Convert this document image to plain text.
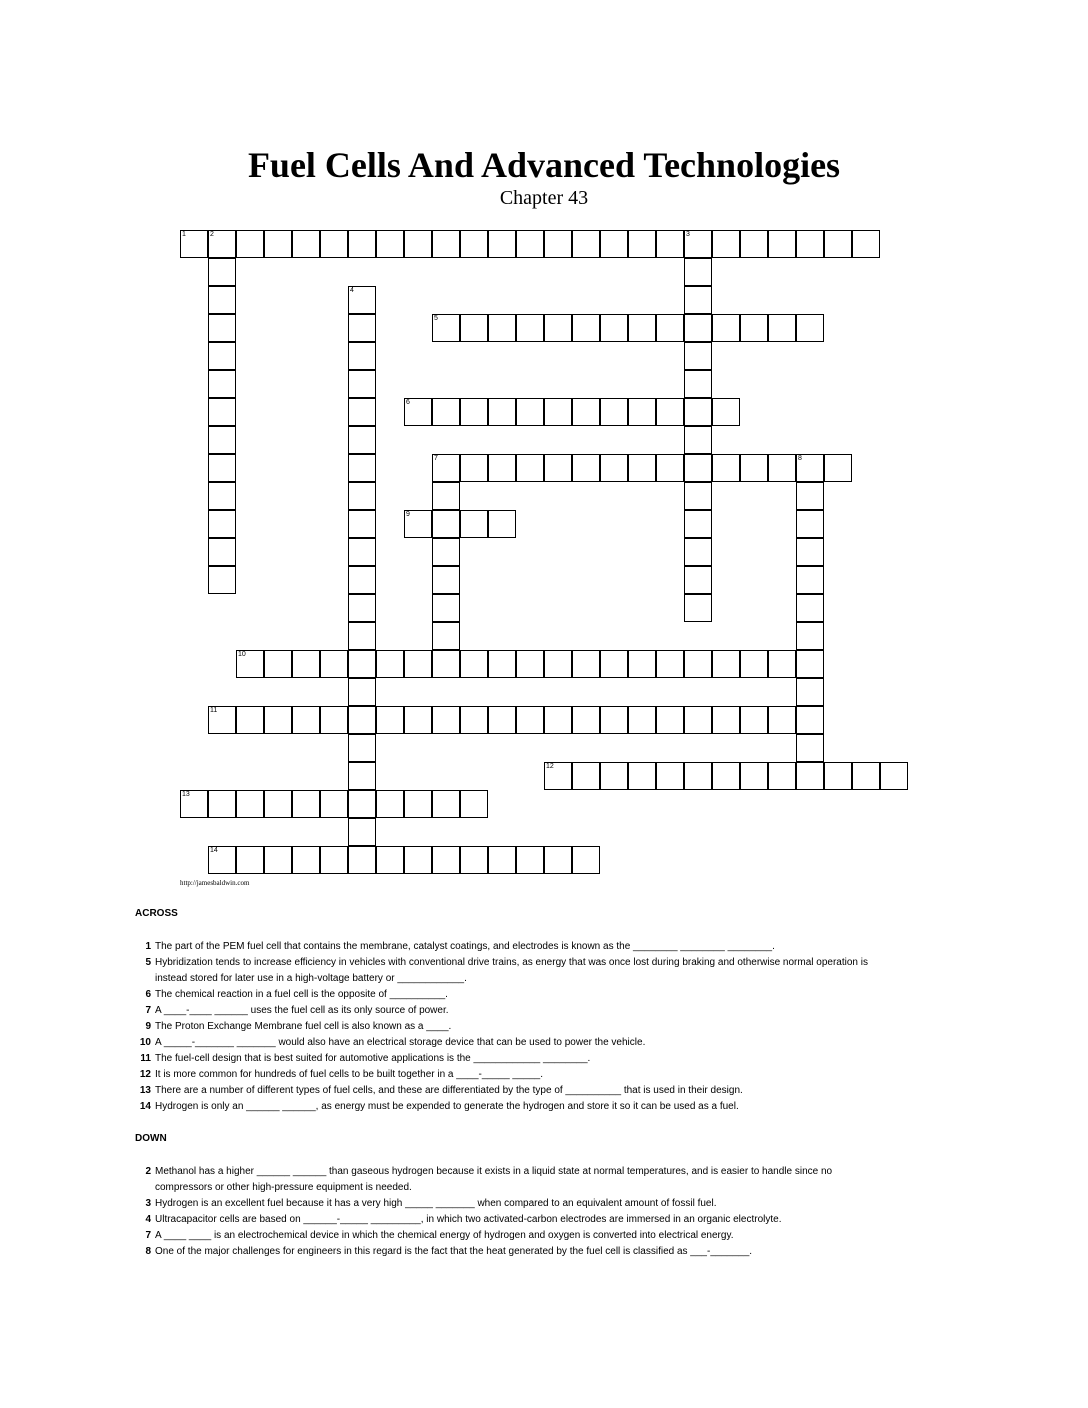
Fuel Cells And Advanced Technologies
Chapter 43
1	2	3
4
5
6
7	8
9
10
11
12
13
14
http://jamesbaldwin.com
ACROSS
1 The part of the PEM fuel cell that contains the membrane, catalyst coatings, and electrodes is known as the ________ ________ ________.
5 Hybridization tends to increase efficiency in vehicles with conventional drive trains, as energy that was once lost during braking and otherwise normal operation is instead stored for later use in a high-voltage battery or ____________.
6 The chemical reaction in a fuel cell is the opposite of __________.
7 A ____-____ ______ uses the fuel cell as its only source of power.
9 The Proton Exchange Membrane fuel cell is also known as a ____.
10 A _____-_______ _______ would also have an electrical storage device that can be used to power the vehicle.
11 The fuel-cell design that is best suited for automotive applications is the ____________ ________.
12 It is more common for hundreds of fuel cells to be built together in a ____-_____ _____.
13 There are a number of different types of fuel cells, and these are differentiated by the type of __________ that is used in their design.
14 Hydrogen is only an ______ ______, as energy must be expended to generate the hydrogen and store it so it can be used as a fuel.
DOWN
2 Methanol has a higher ______ ______ than gaseous hydrogen because it exists in a liquid state at normal temperatures, and is easier to handle since no compressors or other high-pressure equipment is needed.
3 Hydrogen is an excellent fuel because it has a very high _____ _______ when compared to an equivalent amount of fossil fuel.
4 Ultracapacitor cells are based on ______-_____ _________, in which two activated-carbon electrodes are immersed in an organic electrolyte.
7 A ____ ____ is an electrochemical device in which the chemical energy of hydrogen and oxygen is converted into electrical energy.
8 One of the major challenges for engineers in this regard is the fact that the heat generated by the fuel cell is classified as ___-_______.
